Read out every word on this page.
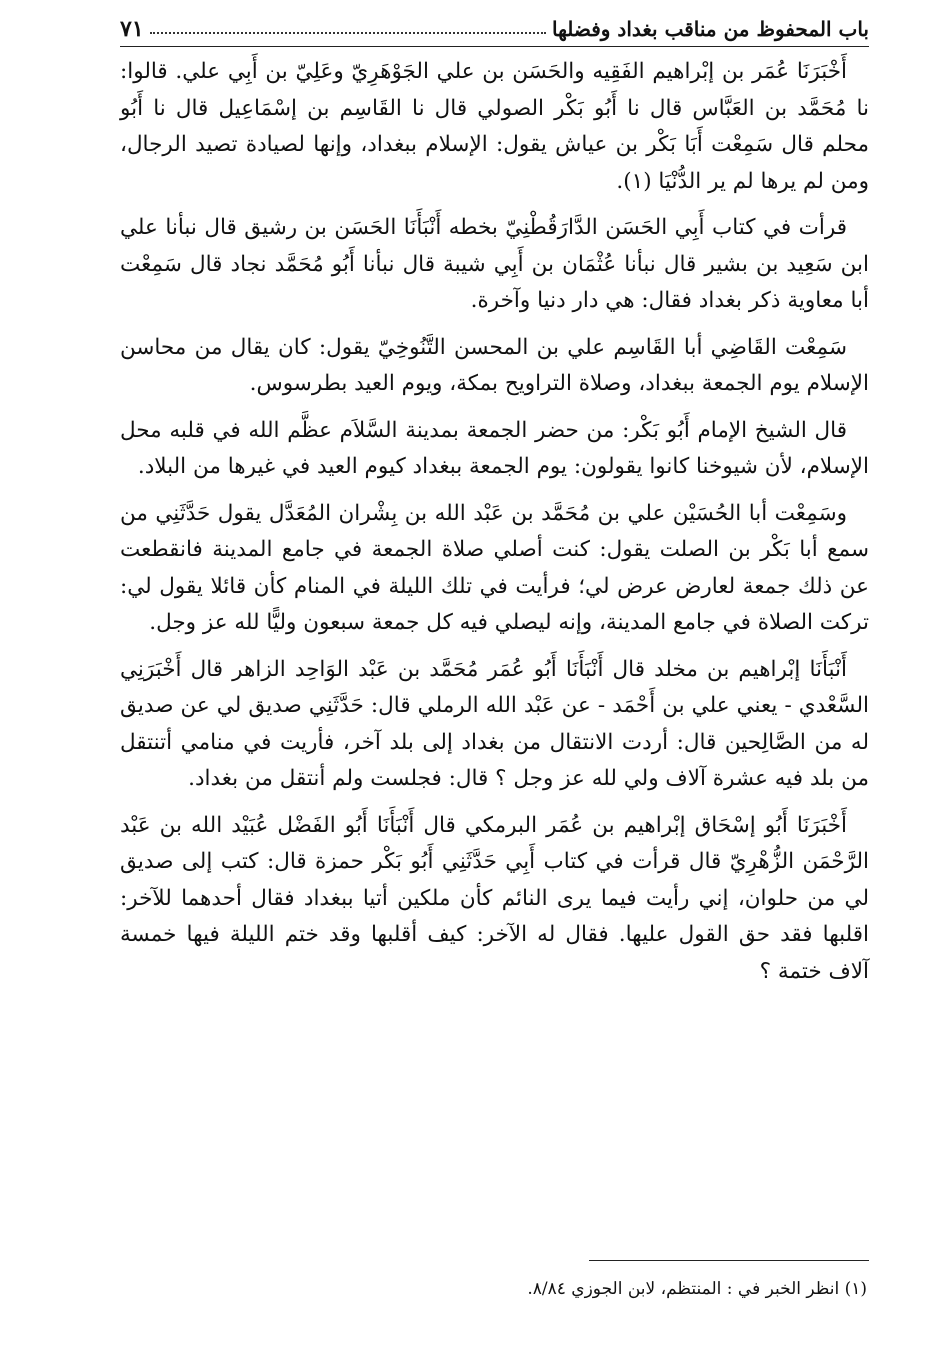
باب المحفوظ من مناقب بغداد وفضلها
٧١

أَخْبَرَنَا عُمَر بن إبْراهيم الفَقِيه والحَسَن بن علي الجَوْهَرِيّ وعَلِيّ بن أَبِي علي. قالوا: نا مُحَمَّد بن العَبَّاس قال نا أَبُو بَكْر الصولي قال نا القَاسِم بن إسْمَاعِيل قال نا أَبُو محلم قال سَمِعْت أَبَا بَكْر بن عياش يقول: الإسلام ببغداد، وإنها لصيادة تصيد الرجال، ومن لم يرها لم ير الدُّنْيَا (١).

قرأت في كتاب أَبِي الحَسَن الدَّارَقُطْنِيّ بخطه أَنْبَأَنَا الحَسَن بن رشيق قال نبأنا علي ابن سَعِيد بن بشير قال نبأنا عُثْمَان بن أَبِي شيبة قال نبأنا أَبُو مُحَمَّد نجاد قال سَمِعْت أبا معاوية ذكر بغداد فقال: هي دار دنيا وآخرة.

سَمِعْت القَاضِي أبا القَاسِم علي بن المحسن التَّنُوخِيّ يقول: كان يقال من محاسن الإسلام يوم الجمعة ببغداد، وصلاة التراويح بمكة، ويوم العيد بطرسوس.

قال الشيخ الإمام أَبُو بَكْر: من حضر الجمعة بمدينة السَّلاَم عظَّم الله في قلبه محل الإسلام، لأن شيوخنا كانوا يقولون: يوم الجمعة ببغداد كيوم العيد في غيرها من البلاد.

وسَمِعْت أبا الحُسَيْن علي بن مُحَمَّد بن عَبْد الله بن بِشْران المُعَدَّل يقول حَدَّثَنِي من سمع أبا بَكْر بن الصلت يقول: كنت أصلي صلاة الجمعة في جامع المدينة فانقطعت عن ذلك جمعة لعارض عرض لي؛ فرأيت في تلك الليلة في المنام كأن قائلا يقول لي: تركت الصلاة في جامع المدينة، وإنه ليصلي فيه كل جمعة سبعون وليًّا لله عز وجل.

أَنْبَأَنَا إبْراهيم بن مخلد قال أَنْبَأَنَا أَبُو عُمَر مُحَمَّد بن عَبْد الوَاحِد الزاهر قال أَخْبَرَنِي السَّعْدي - يعني علي بن أَحْمَد - عن عَبْد الله الرملي قال: حَدَّثَنِي صديق لي عن صديق له من الصَّالِحين قال: أردت الانتقال من بغداد إلى بلد آخر، فأريت في منامي أتنتقل من بلد فيه عشرة آلاف ولي لله عز وجل ؟ قال: فجلست ولم أنتقل من بغداد.

أَخْبَرَنَا أَبُو إسْحَاق إبْراهيم بن عُمَر البرمكي قال أَنْبَأَنَا أَبُو الفَضْل عُبَيْد الله بن عَبْد الرَّحْمَن الزُّهْرِيّ قال قرأت في كتاب أَبِي حَدَّثَنِي أَبُو بَكْر حمزة قال: كتب إلى صديق لي من حلوان، إني رأيت فيما يرى النائم كأن ملكين أتيا ببغداد فقال أحدهما للآخر: اقلبها فقد حق القول عليها. فقال له الآخر: كيف أقلبها وقد ختم الليلة فيها خمسة آلاف ختمة ؟

(١) انظر الخبر في : المنتظم، لابن الجوزي ٨/٨٤.
